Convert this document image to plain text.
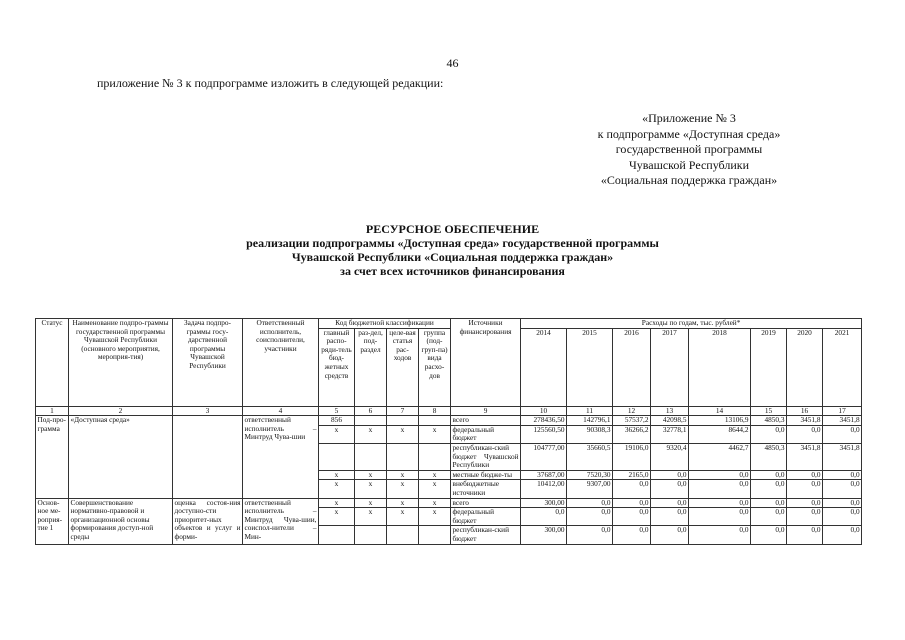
46
приложение № 3 к подпрограмме изложить в следующей редакции:
«Приложение № 3
к подпрограмме «Доступная среда»
государственной программы
Чувашской Республики
«Социальная поддержка граждан»
РЕСУРСНОЕ ОБЕСПЕЧЕНИЕ
реализации подпрограммы «Доступная среда» государственной программы
Чувашской Республики «Социальная поддержка граждан»
за счет всех источников финансирования
Статус	Наименование подпро-граммы государственной программы Чувашской Республики (основного мероприятия, мероприя-тия)	Задача подпро-граммы госу-дарственной программы Чувашской Республики	Ответственный исполнитель, соисполнители, участники	Код бюджетной классификации				Источники финансирования	Расходы по годам, тыс. рублей*							
				главный распо-ряди-тель бюд-жетных средств	раз-дел, под-раздел	целе-вая статья рас-ходов	группа (под-груп-па) вида расхо-дов		2014	2015	2016	2017	2018	2019	2020	2021
1	2	3	4	5	6	7	8	9	10	11	12	13	14	15	16	17
Под-про-грамма	«Доступная среда»		ответственный исполнитель – Минтруд Чува-шии	856				всего	278436,50	142796,1	57537,2	42098,5	13106,9	4850,3	3451,8	3451,8
				x	x	x	x	федеральный бюджет	125560,50	90308,3	36266,2	32778,1	8644,2	0,0	0,0	0,0
								республикан-ский бюджет Чувашской Республики	104777,00	35660,5	19106,0	9320,4	4462,7	4850,3	3451,8	3451,8
				x	x	x	x	местные бюдже-ты	37687,00	7520,30	2165,0	0,0	0,0	0,0	0,0	0,0
				x	x	x	x	внебюджетные источники	10412,00	9307,00	0,0	0,0	0,0	0,0	0,0	0,0
Основ-ное ме-роприя-тие 1	Совершенствование нормативно-правовой и организационной основы формирования доступ-ной среды	оценка состоя-ния доступно-сти приоритет-ных объектов и услуг и форми-	ответственный исполнитель – Минтруд Чува-шии, соиспол-нители – Мин-	x	x	x	x	всего	300,00	0,0	0,0	0,0	0,0	0,0	0,0	0,0
				x	x	x	x	федеральный бюджет	0,0	0,0	0,0	0,0	0,0	0,0	0,0	0,0
								республикан-ский бюджет	300,00	0,0	0,0	0,0	0,0	0,0	0,0	0,0
